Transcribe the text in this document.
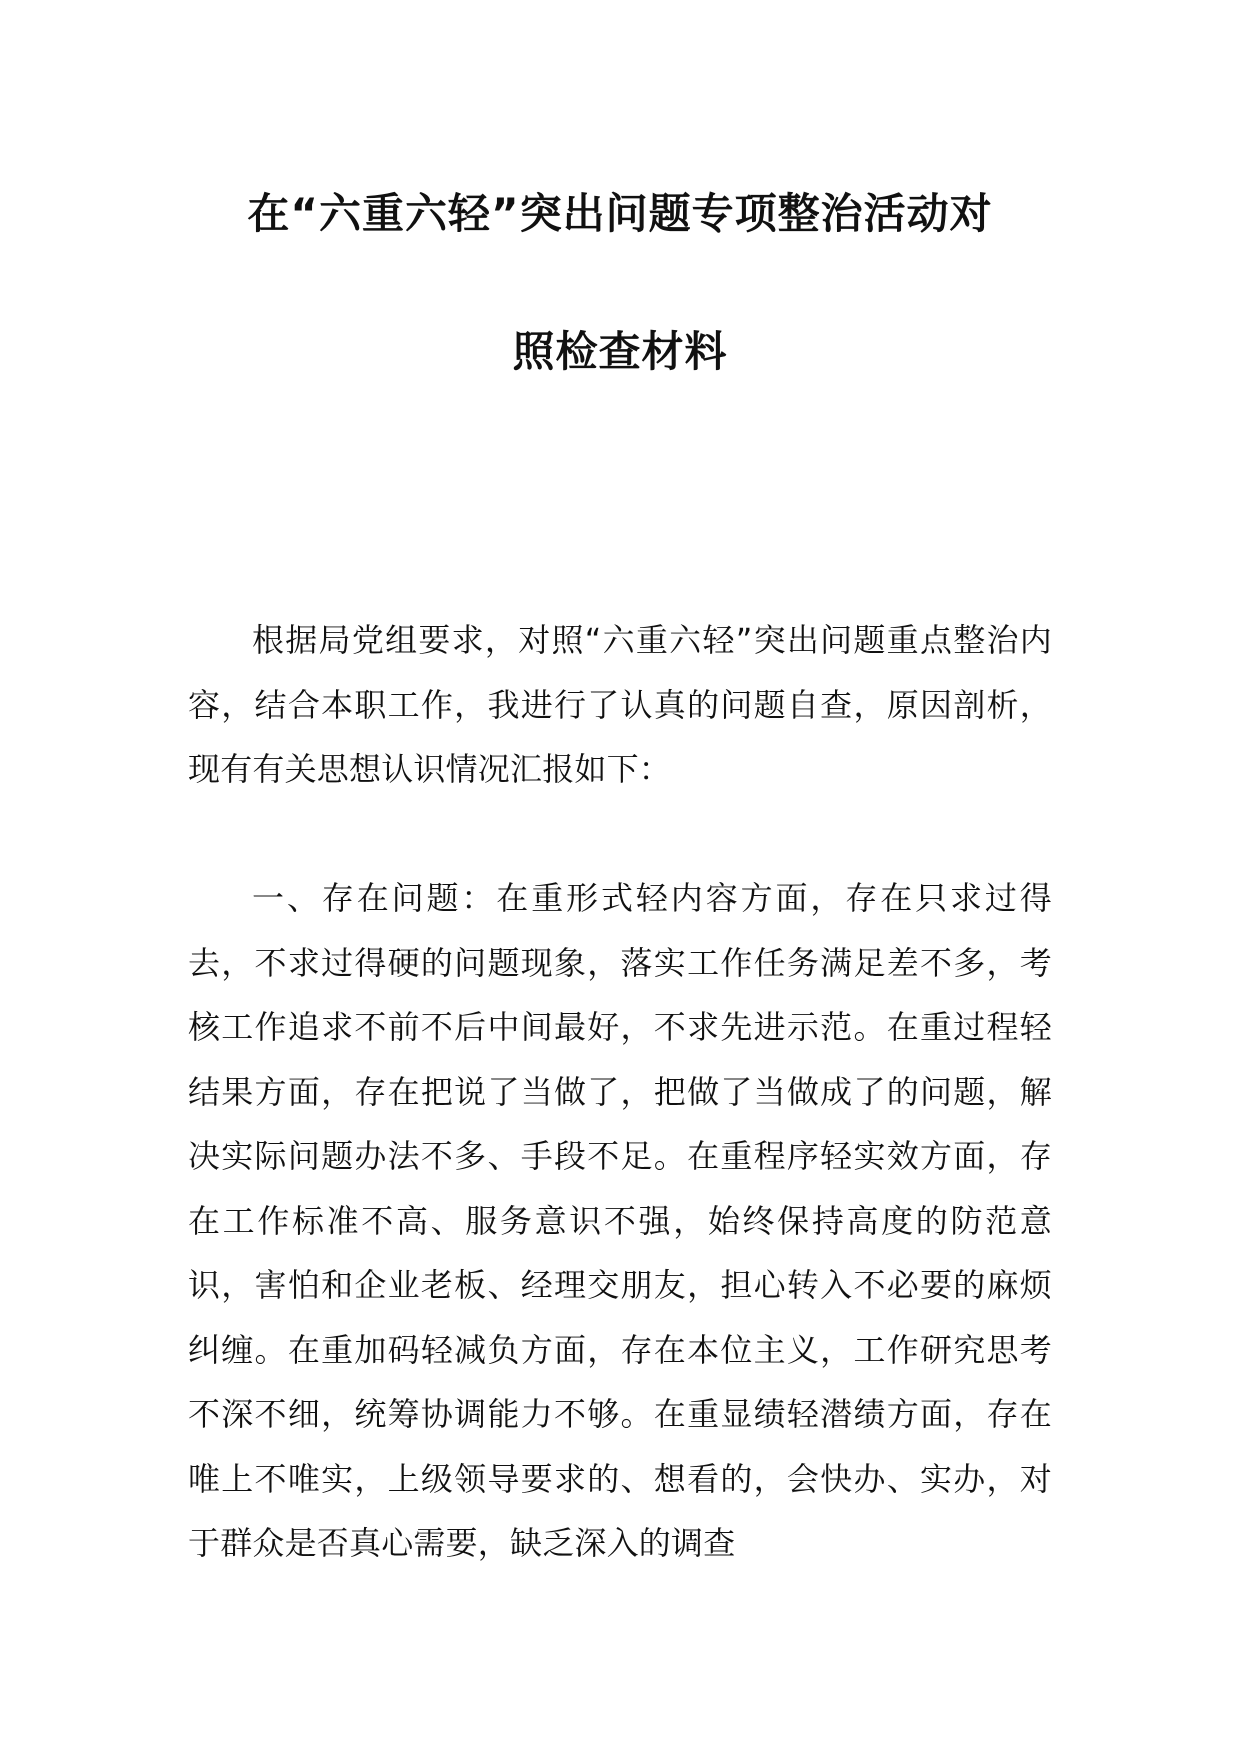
在“六重六轻”突出问题专项整治活动对
照检查材料

根据局党组要求，对照“六重六轻”突出问题重点整治内容，结合本职工作，我进行了认真的问题自查，原因剖析，现有有关思想认识情况汇报如下：

一、存在问题：在重形式轻内容方面，存在只求过得去，不求过得硬的问题现象，落实工作任务满足差不多，考核工作追求不前不后中间最好，不求先进示范。在重过程轻结果方面，存在把说了当做了，把做了当做成了的问题，解决实际问题办法不多、手段不足。在重程序轻实效方面，存在工作标准不高、服务意识不强，始终保持高度的防范意识，害怕和企业老板、经理交朋友，担心转入不必要的麻烦纠缠。在重加码轻减负方面，存在本位主义，工作研究思考不深不细，统筹协调能力不够。在重显绩轻潜绩方面，存在唯上不唯实，上级领导要求的、想看的，会快办、实办，对于群众是否真心需要，缺乏深入的调查
